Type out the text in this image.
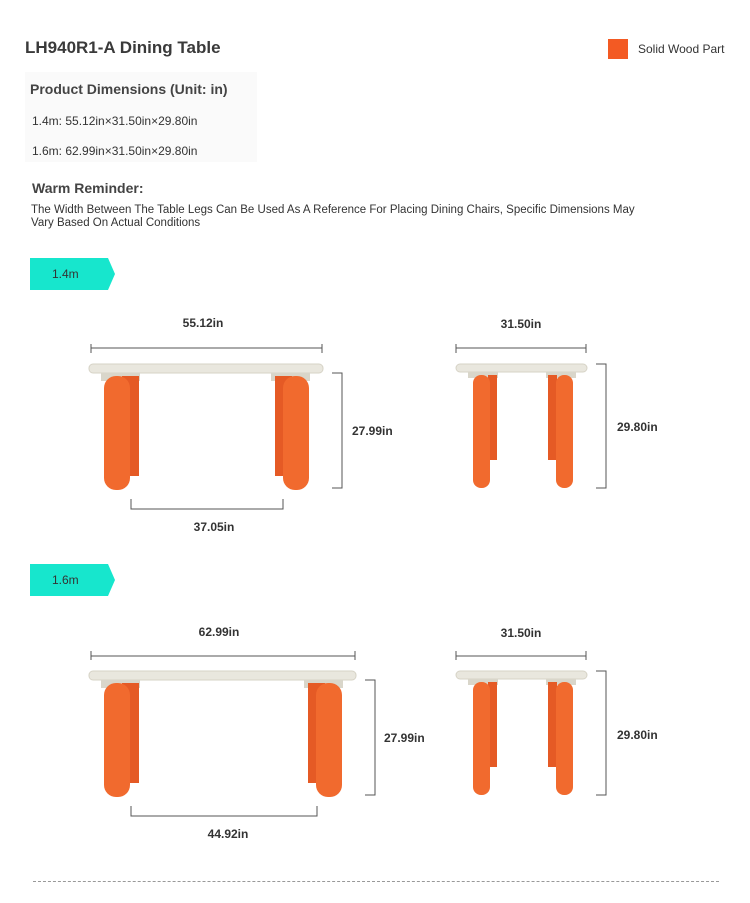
LH940R1-A Dining Table	Solid Wood Part
Product Dimensions (Unit: in)
1.4m: 55.12in×31.50in×29.80in
1.6m: 62.99in×31.50in×29.80in
Warm Reminder:
The Width Between The Table Legs Can Be Used As A Reference For Placing Dining Chairs, Specific Dimensions May Vary Based On Actual Conditions
1.4m
55.12in
27.99in
37.05in
31.50in
29.80in
1.6m
62.99in
27.99in
44.92in
31.50in
29.80in
